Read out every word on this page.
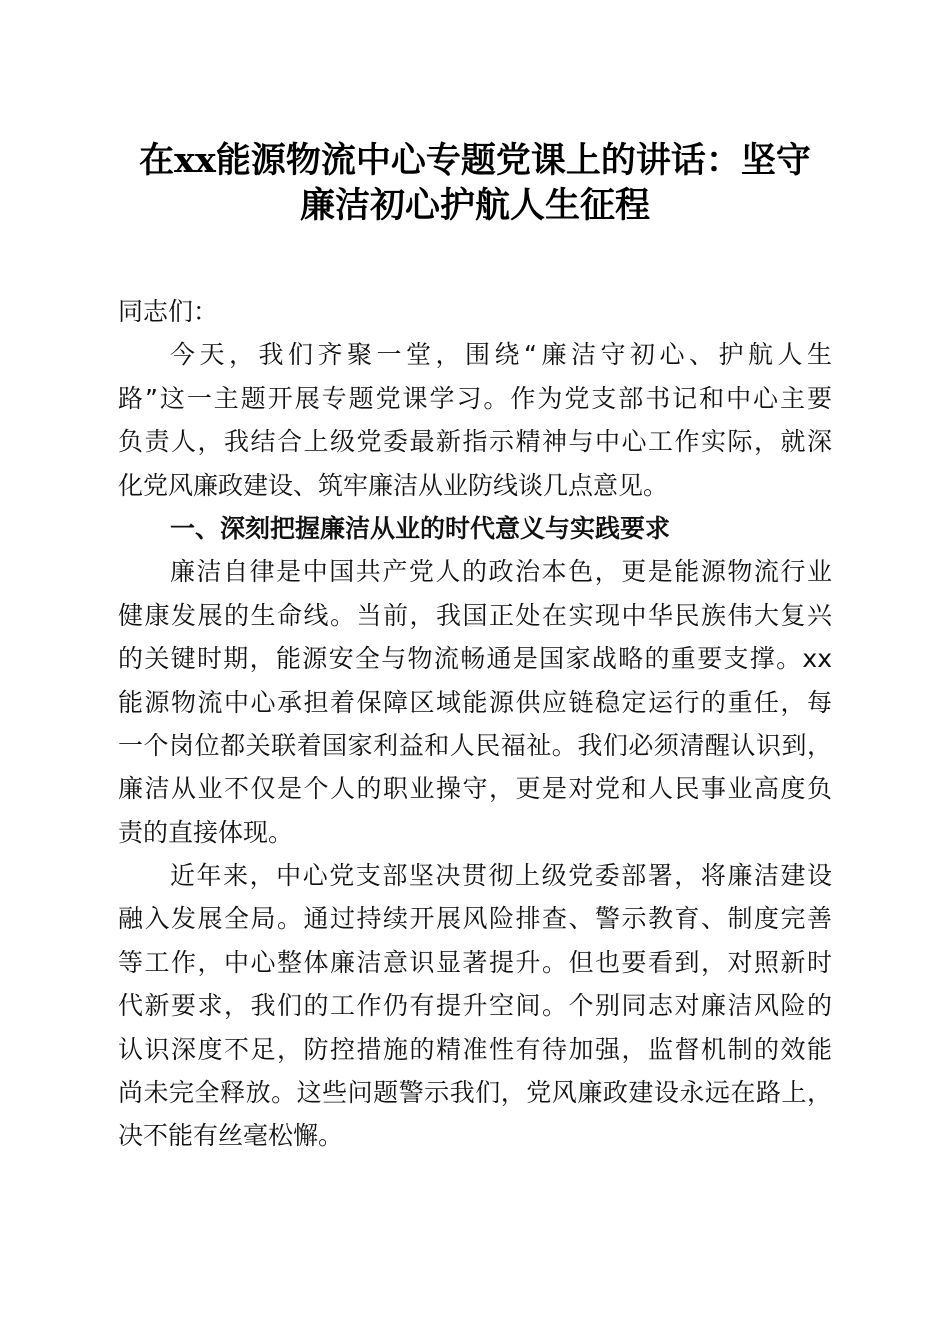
在xx能源物流中心专题党课上的讲话：坚守
廉洁初心护航人生征程
同志们：
今天，我们齐聚一堂，围绕“廉洁守初心、护航人生
路”这一主题开展专题党课学习。作为党支部书记和中心主要
负责人，我结合上级党委最新指示精神与中心工作实际，就深
化党风廉政建设、筑牢廉洁从业防线谈几点意见。
一、深刻把握廉洁从业的时代意义与实践要求
廉洁自律是中国共产党人的政治本色，更是能源物流行业
健康发展的生命线。当前，我国正处在实现中华民族伟大复兴
的关键时期，能源安全与物流畅通是国家战略的重要支撑。xx
能源物流中心承担着保障区域能源供应链稳定运行的重任，每
一个岗位都关联着国家利益和人民福祉。我们必须清醒认识到，
廉洁从业不仅是个人的职业操守，更是对党和人民事业高度负
责的直接体现。
近年来，中心党支部坚决贯彻上级党委部署，将廉洁建设
融入发展全局。通过持续开展风险排查、警示教育、制度完善
等工作，中心整体廉洁意识显著提升。但也要看到，对照新时
代新要求，我们的工作仍有提升空间。个别同志对廉洁风险的
认识深度不足，防控措施的精准性有待加强，监督机制的效能
尚未完全释放。这些问题警示我们，党风廉政建设永远在路上，
决不能有丝毫松懈。
